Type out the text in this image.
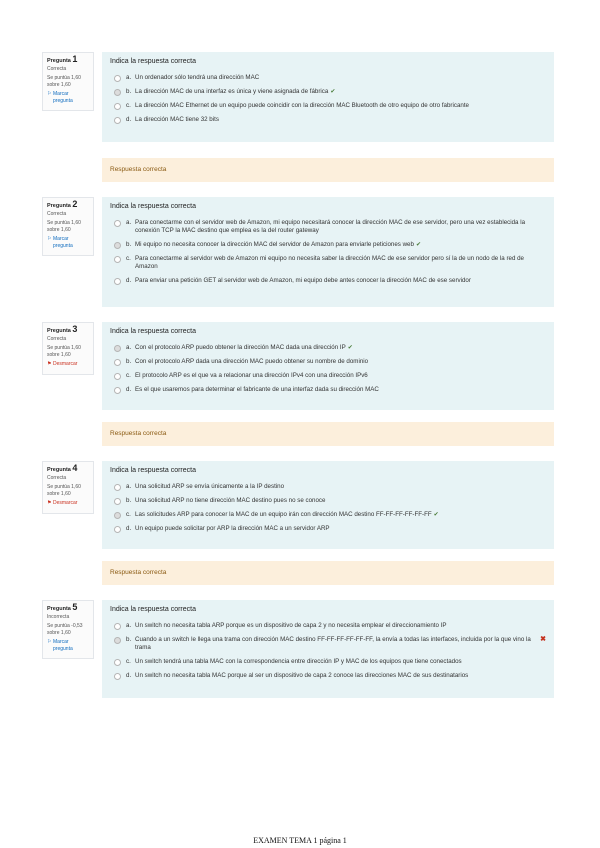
Pregunta 1
Correcta
Se puntúa 1,60 sobre 1,60
⚐ Marcar pregunta
Indica la respuesta correcta
a. Un ordenador sólo tendrá una dirección MAC
b. La dirección MAC de una interfaz es única y viene asignada de fábrica ✔
c. La dirección MAC Ethernet de un equipo puede coincidir con la dirección MAC Bluetooth de otro equipo de otro fabricante
d. La dirección MAC tiene 32 bits
Respuesta correcta
Pregunta 2
Correcta
Se puntúa 1,60 sobre 1,60
⚐ Marcar pregunta
Indica la respuesta correcta
a. Para conectarme con el servidor web de Amazon, mi equipo necesitará conocer la dirección MAC de ese servidor, pero una vez establecida la conexión TCP la MAC destino que emplea es la del router gateway
b. Mi equipo no necesita conocer la dirección MAC del servidor de Amazon para enviarle peticiones web ✔
c. Para conectarme al servidor web de Amazon mi equipo no necesita saber la dirección MAC de ese servidor pero sí la de un nodo de la red de Amazon
d. Para enviar una petición GET al servidor web de Amazon, mi equipo debe antes conocer la dirección MAC de ese servidor
Pregunta 3
Correcta
Se puntúa 1,60 sobre 1,60
⚑ Desmarcar
Indica la respuesta correcta
a. Con el protocolo ARP puedo obtener la dirección MAC dada una dirección IP ✔
b. Con el protocolo ARP dada una dirección MAC puedo obtener su nombre de dominio
c. El protocolo ARP es el que va a relacionar una dirección IPv4 con una dirección IPv6
d. Es el que usaremos para determinar el fabricante de una interfaz dada su dirección MAC
Respuesta correcta
Pregunta 4
Correcta
Se puntúa 1,60 sobre 1,60
⚑ Desmarcar
Indica la respuesta correcta
a. Una solicitud ARP se envía únicamente a la IP destino
b. Una solicitud ARP no tiene dirección MAC destino pues no se conoce
c. Las solicitudes ARP para conocer la MAC de un equipo irán con dirección MAC destino FF-FF-FF-FF-FF-FF ✔
d. Un equipo puede solicitar por ARP la dirección MAC a un servidor ARP
Respuesta correcta
Pregunta 5
Incorrecta
Se puntúa -0,53 sobre 1,60
⚐ Marcar pregunta
Indica la respuesta correcta
a. Un switch no necesita tabla ARP porque es un dispositivo de capa 2 y no necesita emplear el direccionamiento IP
b. Cuando a un switch le llega una trama con dirección MAC destino FF-FF-FF-FF-FF-FF, la envía a todas las interfaces, incluida por la que vino la trama
✖
c. Un switch tendrá una tabla MAC con la correspondencia entre dirección IP y MAC de los equipos que tiene conectados
d. Un switch no necesita tabla MAC porque al ser un dispositivo de capa 2 conoce las direcciones MAC de sus destinatarios
EXAMEN TEMA 1 página 1
